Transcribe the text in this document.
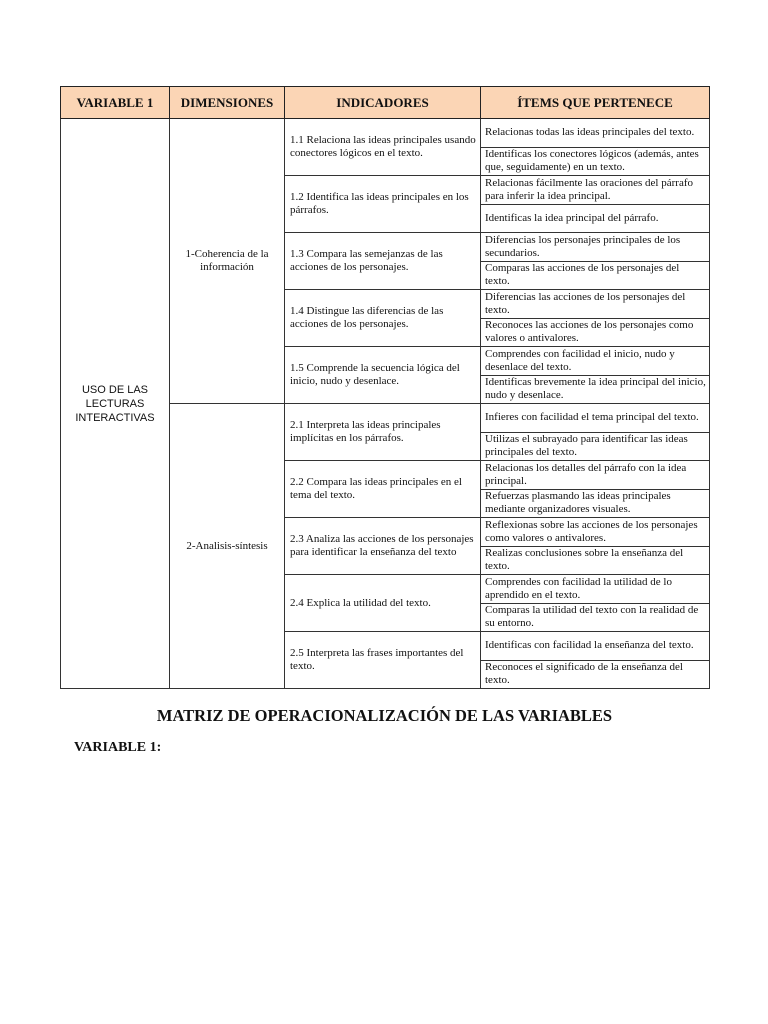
VARIABLE 1	DIMENSIONES	INDICADORES	ÍTEMS QUE PERTENECE
USO DE LAS LECTURAS INTERACTIVAS	1-Coherencia de la información	1.1 Relaciona las ideas principales usando conectores lógicos en el texto.	Relacionas todas las ideas principales del texto.
			Identificas los conectores lógicos (además, antes que, seguidamente) en un texto.
		1.2 Identifica las ideas principales en los párrafos.	Relacionas fácilmente las oraciones del párrafo para inferir la idea principal.
			Identificas la idea principal del párrafo.
		1.3 Compara las semejanzas de las acciones de los personajes.	Diferencias los personajes principales de los secundarios.
			Comparas las acciones de los personajes del texto.
		1.4 Distingue las diferencias de las acciones de los personajes.	Diferencias las acciones de los personajes del texto.
			Reconoces las acciones de los personajes como valores o antivalores.
		1.5 Comprende la secuencia lógica del inicio, nudo y desenlace.	Comprendes con facilidad el inicio, nudo y desenlace del texto.
			Identificas brevemente la idea principal del inicio, nudo y desenlace.
	2-Analisis-síntesis	2.1 Interpreta las ideas principales implícitas en los párrafos.	Infieres con facilidad el tema principal del texto.
			Utilizas el subrayado para identificar las ideas principales del texto.
		2.2 Compara las ideas principales en el tema del texto.	Relacionas los detalles del párrafo con la idea principal.
			Refuerzas plasmando las ideas principales mediante organizadores visuales.
		2.3 Analiza las acciones de los personajes para identificar la enseñanza del texto	Reflexionas sobre las acciones de los personajes como valores o antivalores.
			Realizas conclusiones sobre la enseñanza del texto.
		2.4 Explica la utilidad del texto.	Comprendes con facilidad la utilidad de lo aprendido en el texto.
			Comparas la utilidad del texto con la realidad de su entorno.
		2.5 Interpreta las frases importantes del texto.	Identificas con facilidad la enseñanza del texto.
			Reconoces el significado de la enseñanza del texto.
MATRIZ DE OPERACIONALIZACIÓN DE LAS VARIABLES
VARIABLE 1:
